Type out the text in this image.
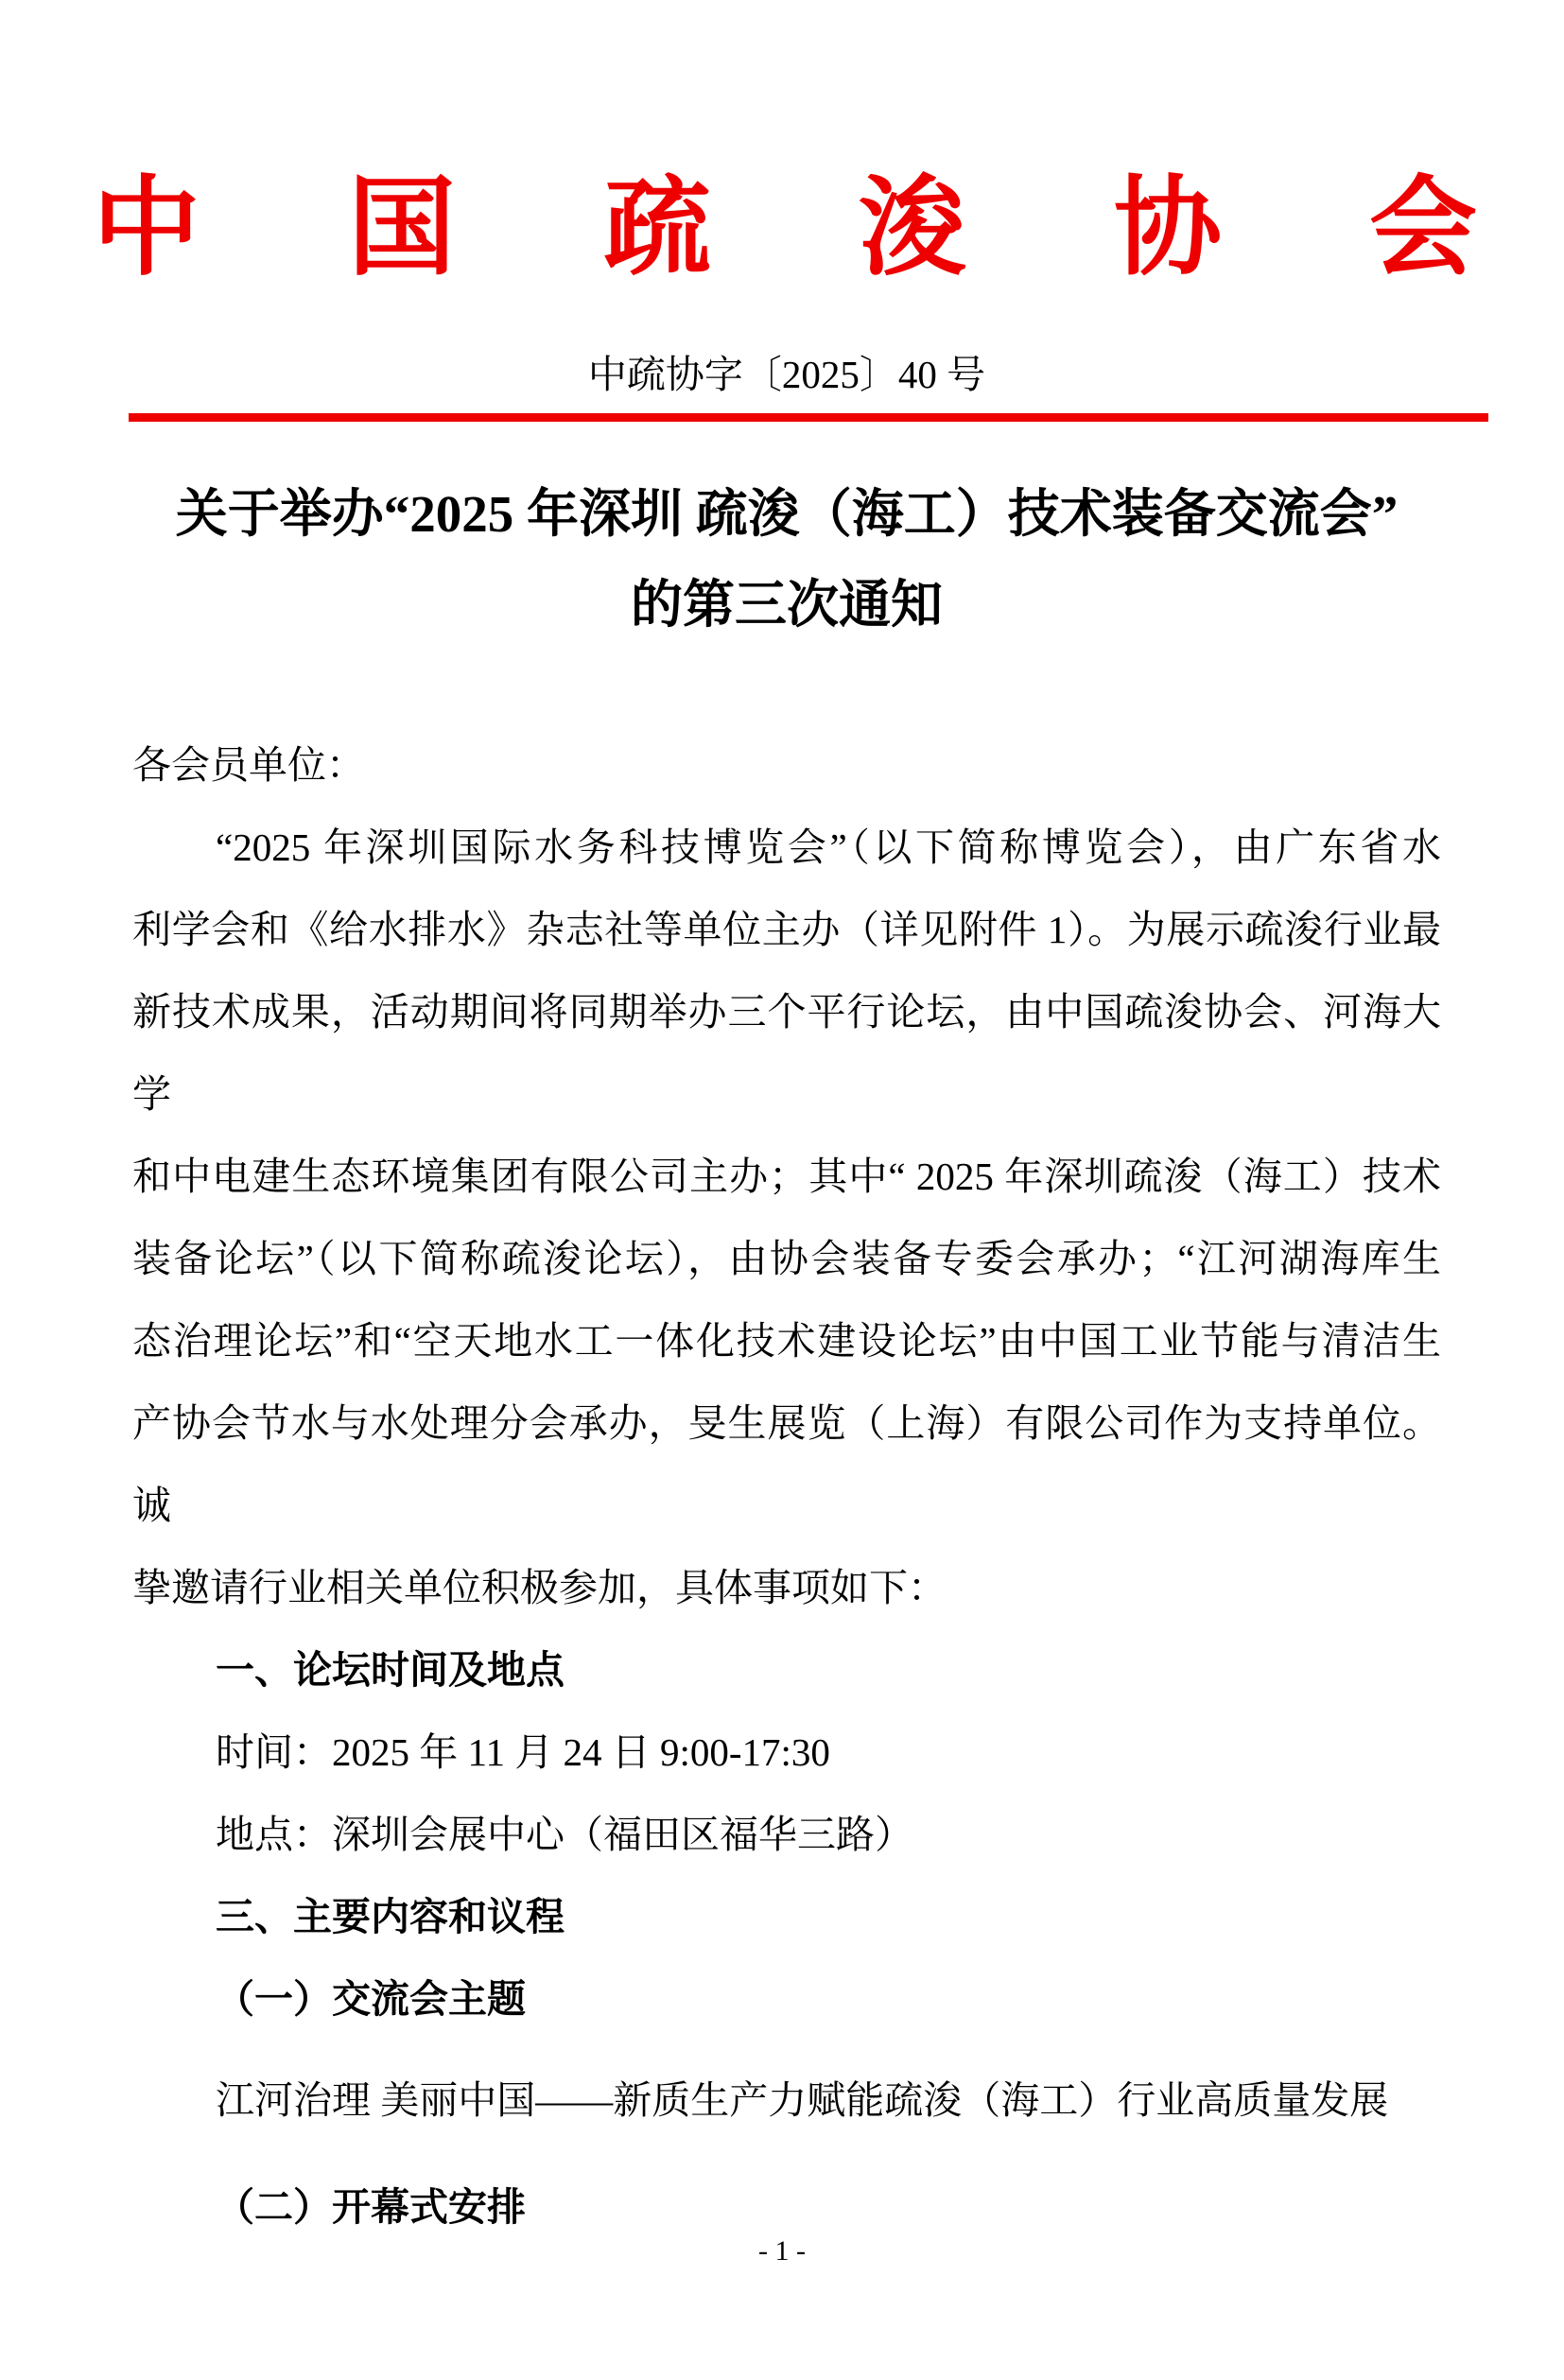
中国疏浚协会
中疏协字〔2025〕40 号
关于举办“2025 年深圳 疏浚（海工）技术装备交流会”
的第三次通知
各会员单位：
“2025 年深圳国际水务科技博览会”（以下简称博览会），由广东省水
利学会和《给水排水》杂志社等单位主办（详见附件 1）。为展示疏浚行业最
新技术成果，活动期间将同期举办三个平行论坛，由中国疏浚协会、河海大学
和中电建生态环境集团有限公司主办；其中“ 2025 年深圳疏浚（海工）技术
装备论坛”（以下简称疏浚论坛），由协会装备专委会承办；“江河湖海库生
态治理论坛”和“空天地水工一体化技术建设论坛”由中国工业节能与清洁生
产协会节水与水处理分会承办，旻生展览（上海）有限公司作为支持单位。诚
挚邀请行业相关单位积极参加，具体事项如下：
一、论坛时间及地点
时间：2025 年 11 月 24 日 9:00-17:30
地点：深圳会展中心（福田区福华三路）
三、主要内容和议程
（一）交流会主题
江河治理 美丽中国——新质生产力赋能疏浚（海工）行业高质量发展
（二）开幕式安排
- 1 -
